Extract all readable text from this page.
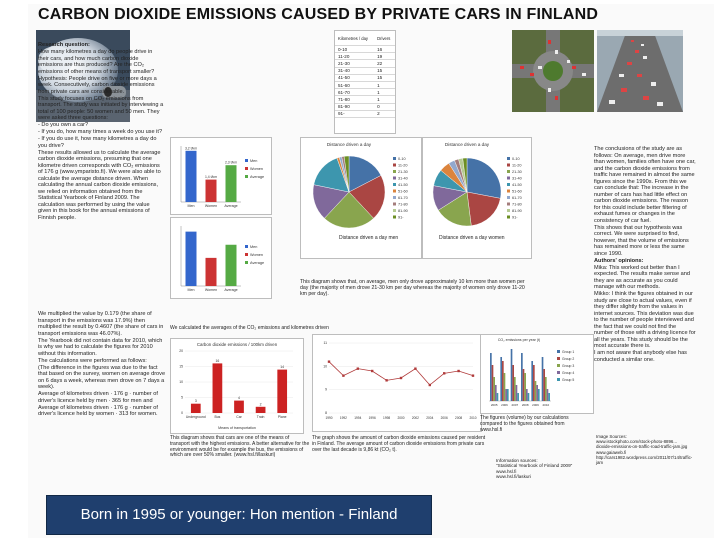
CARBON DIOXIDE EMISSIONS CAUSED BY PRIVATE CARS IN FINLAND
Research question:
How many kilometres a day do people drive in their cars, and how much carbon dioxide emissions are thus produced? Are the CO₂ emissions of other means of transport smaller?
Hypothesis: People drive on five or more days a week. Consecutively, carbon dioxide emissions from private cars are considerable.
This study focuses on CO₂ emissions from transport. The study was initiated by interviewing a total of 100 people: 50 women and 50 men. They were asked three questions:
- Do you own a car?
- If you do, how many times a week do you use it?
- If you do use it, how many kilometres a day do you drive?
These results allowed us to calculate the average carbon dioxide emissions, presuming that one kilometre driven corresponds with CO₂ emissions of 176 g (www.ymparisto.fi). We were also able to calculate the average distance driven. When calculating the annual carbon dioxide emissions, we relied on information obtained from the Statistical Yearbook of Finland 2009. The calculation was performed by using the value given in this book for the annual emissions of Finnish people.
We multiplied the value by 0.179 (the share of transport in the emissions was 17.9%) then multiplied the result by 0.4607 (the share of cars in transport emissions was 46.07%).
The Yearbook did not contain data for 2010, which is why we had to calculate the figures for 2010 without this information.
The calculations were performed as follows:
(The difference in the figures was due to the fact that based on the survey, women on average drove on 6 days a week, whereas men drove on 7 days a week).
Average of kilometres driven · 176 g · number of driver's licence held by men · 365 for men and
Average of kilometres driven · 176 g · number of driver's licence held by women · 313 for women.
Kilometres / day	Drivers
0-10	16
11-20	19
21-30	22
31-40	15
41-50	15
51-60	1
61-70	1
71-80	1
81-90	0
91-	2
Men
3,2 t/km
Women
1,4 t/km
Average
2,3 t/km	Men
Women
Average
Men	Women Average
Men
Women
Average
Distance driven a day
0-10
11-20
21-30
31-40
41-50
51-60
61-70
71-80
81-90
91-
Distance driven a day men
Distance driven a day
0-10
11-20
21-30
31-40
41-50
51-60
61-70
71-80
81-90
91-
Distance driven a day women
This diagram shows that, on average, men only drove approximately 10 km more than women per day (the majority of men drove 21-30 km per day whereas the majority of women only drove 11-20 km per day).
We calculated the averages of the CO₂ emissions and kilometres driven
Carbon dioxide emissions / 100km driven
0
5
10
15
20
3
Underground
16
Bus
4
Car
2
Train
14
Plane
Means of transportation
This diagram shows that cars are one of the means of transport with the highest emissions. A better alternative for the environment would be for example the bus, the emissions of which are over 50% smaller. (www.hsl.fi/laskuri)
8
9
10
11
1990 1992 1994 1996 1998 2000 2002 2004 2006 2008 2010
The graph shows the amount of carbon dioxide emissions caused per resident in Finland. The average amount of carbon dioxide emissions from private cars over the last decade is 9,86 kt (CO₂ t).
CO₂ emissions per year (t)
2005 2006 2007 2008 2009 2010
Group 1
Group 2
Group 3
Group 4
Group 5
The figures (volume) by our calculations compared to the figures obtained from www.hsl.fi
The conclusions of the study are as follows: On average, men drive more than women, families often have one car, and the carbon dioxide emissions from traffic have remained in almost the same figures since the 1990s. From this we can conclude that: The increase in the number of cars has had little effect on carbon dioxide emissions. The reason for this could include better filtering of exhaust fumes or changes in the consistency of car fuel.
This shows that our hypothesis was correct. We were surprised to find, however, that the volume of emissions has remained more or less the same since 1990.
Authors' opinions:
Mika: This worked out better than I expected. The results make sense and they are as accurate as you could manage with our methods.
Mikko: I think the figures obtained in our study are close to actual values, even if they differ slightly from the values in internet sources. This deviation was due to the number of people interviewed and the fact that we could not find the number of those with a driving licence for all the years. This study should be the most accurate there is.
I am not aware that anybody else has conducted a similar one.
Image Sources:
www.istockphoto.com/stock-photo-8896...
dioxide-emissions-on-traffic-road-traffic-jam.jpg
www.gaiaweb.fi
http://cars1982.wordpress.com/2011/07/14/traffic-jam
Information sources:
"Statistical Yearbook of Finland 2009"
www.hsl.fi
www.hsl.fi/laskuri
Born in 1995 or younger: Hon mention - Finland
